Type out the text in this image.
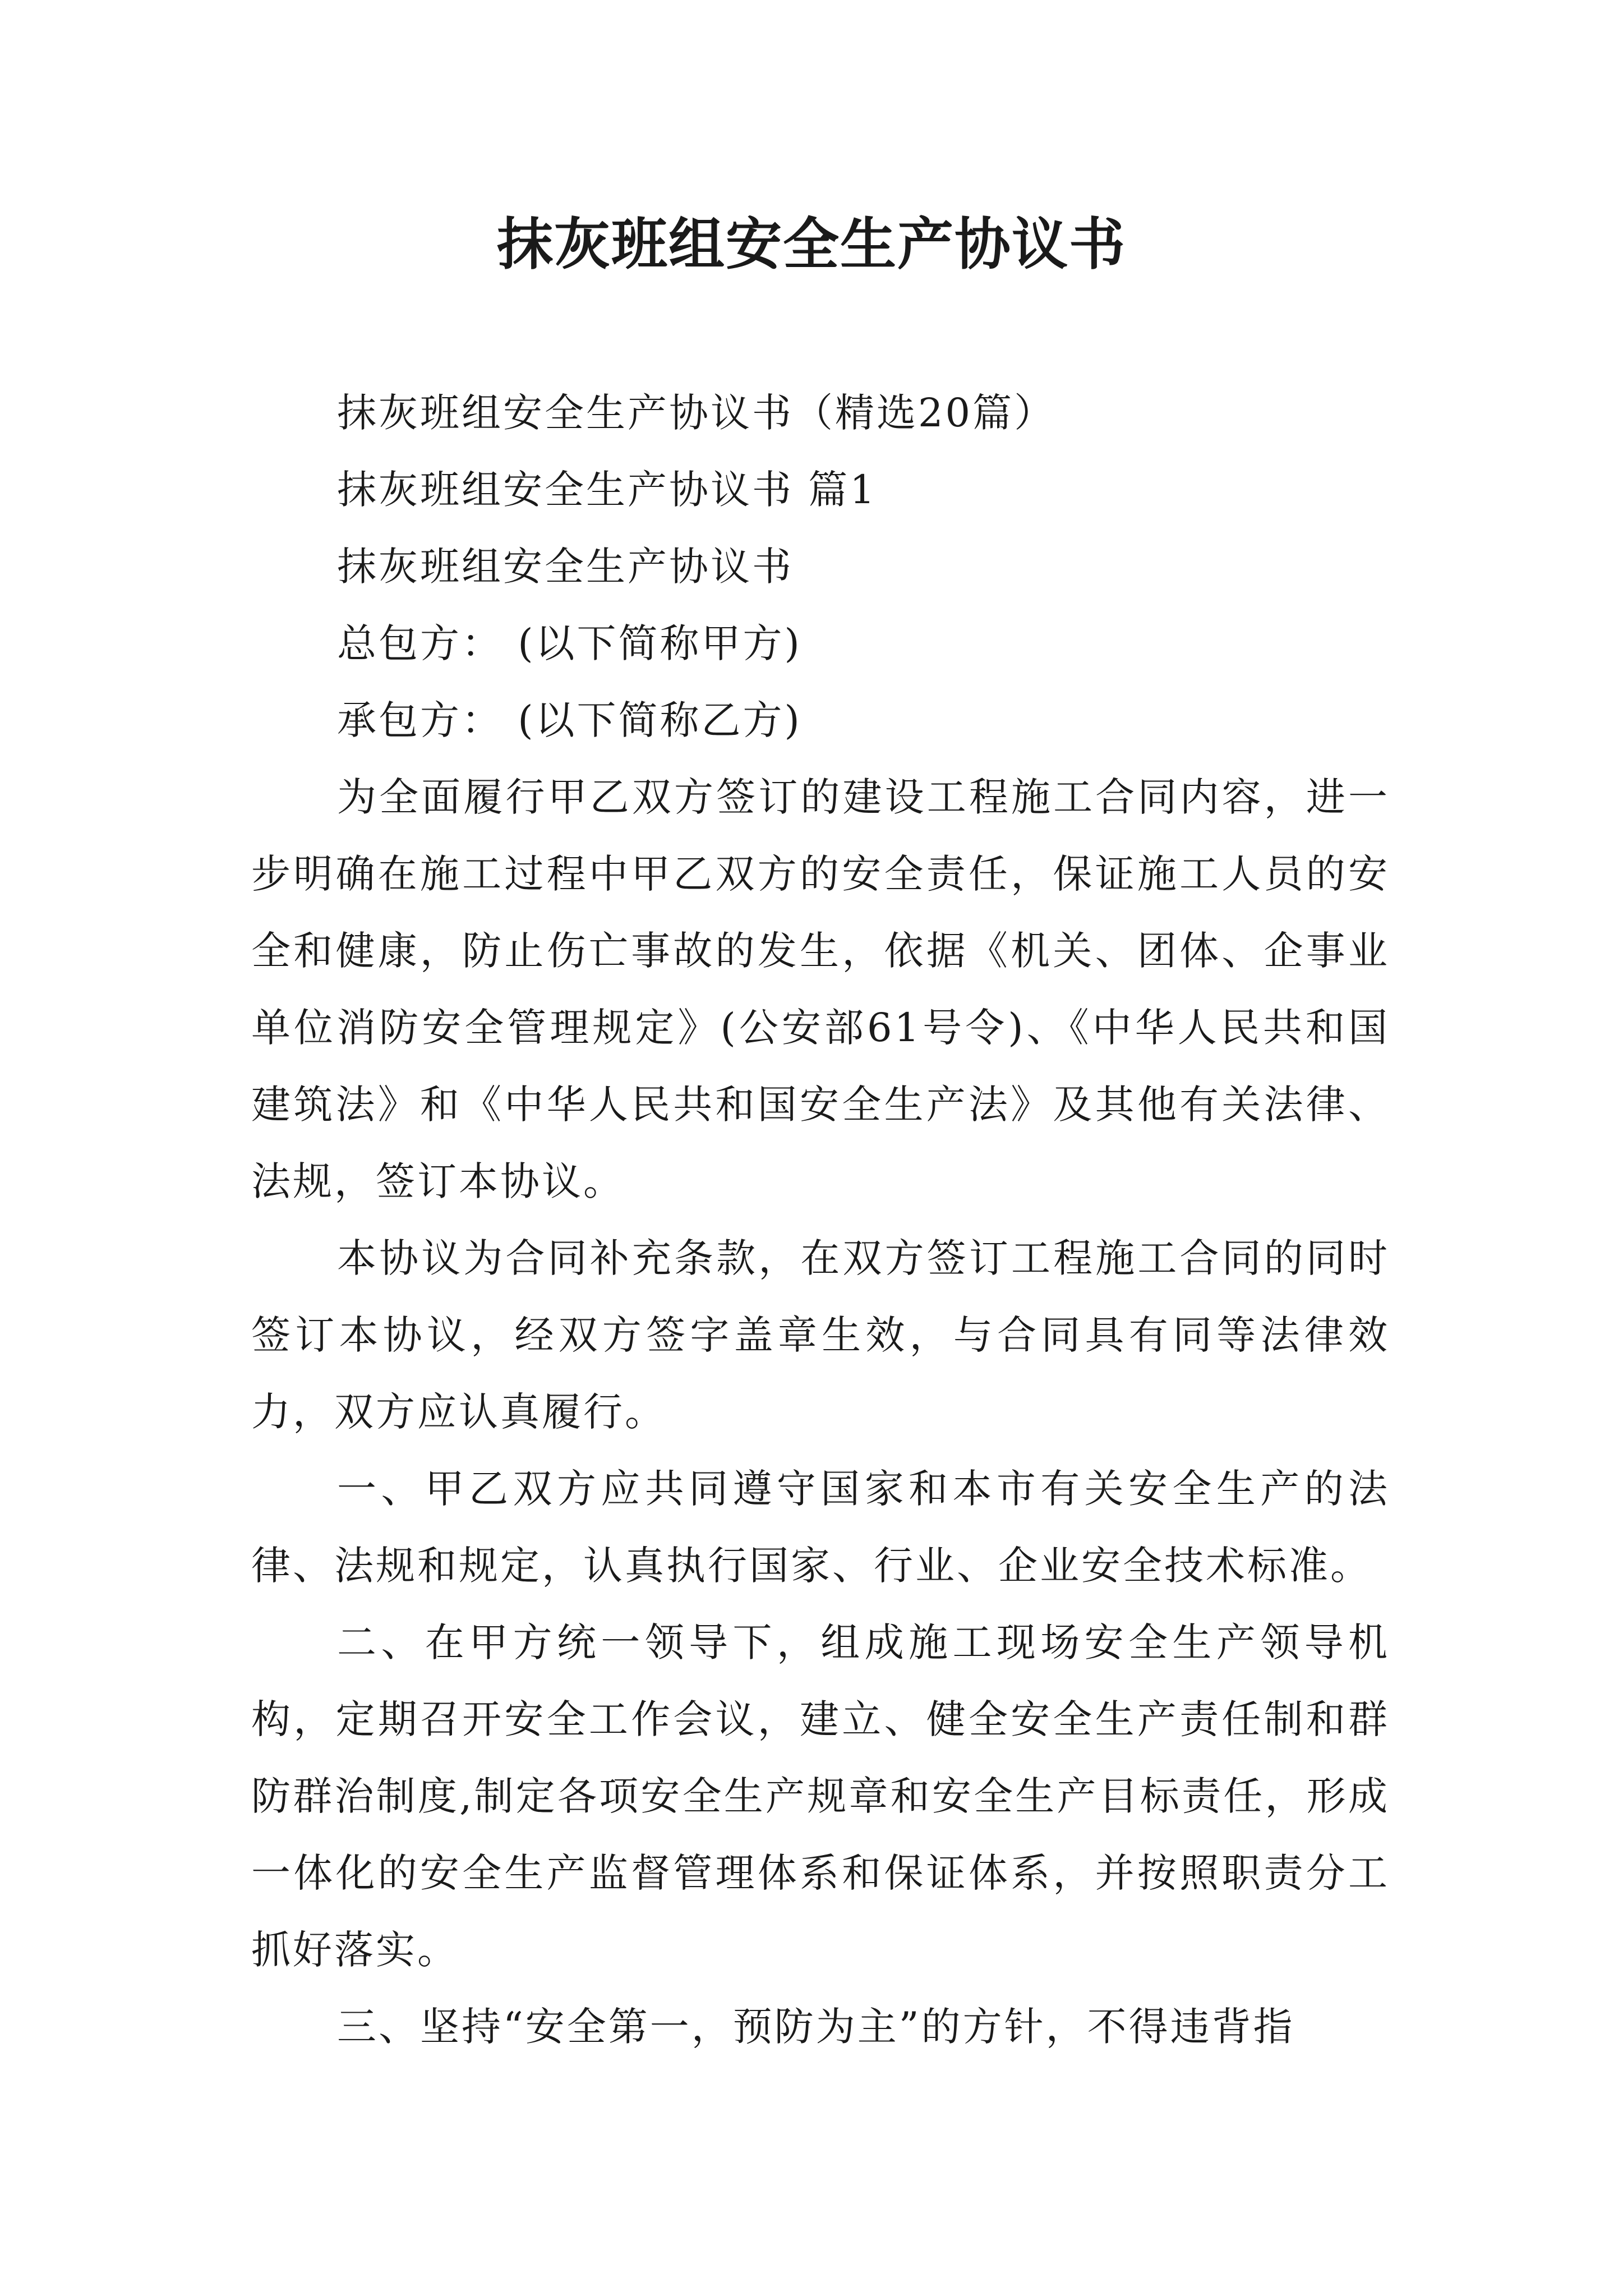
抹灰班组安全生产协议书

抹灰班组安全生产协议书（精选20篇）

抹灰班组安全生产协议书 篇1

抹灰班组安全生产协议书

总包方： (以下简称甲方)

承包方： (以下简称乙方)

为全面履行甲乙双方签订的建设工程施工合同内容，进一步明确在施工过程中甲乙双方的安全责任，保证施工人员的安全和健康，防止伤亡事故的发生，依据《机关、团体、企事业单位消防安全管理规定》(公安部61号令)、《中华人民共和国建筑法》和《中华人民共和国安全生产法》及其他有关法律、法规，签订本协议。

本协议为合同补充条款，在双方签订工程施工合同的同时签订本协议，经双方签字盖章生效，与合同具有同等法律效力，双方应认真履行。

一、甲乙双方应共同遵守国家和本市有关安全生产的法律、法规和规定，认真执行国家、行业、企业安全技术标准。

二、在甲方统一领导下，组成施工现场安全生产领导机构，定期召开安全工作会议，建立、健全安全生产责任制和群防群治制度,制定各项安全生产规章和安全生产目标责任，形成一体化的安全生产监督管理体系和保证体系，并按照职责分工抓好落实。

三、坚持“安全第一，预防为主”的方针，不得违背指
